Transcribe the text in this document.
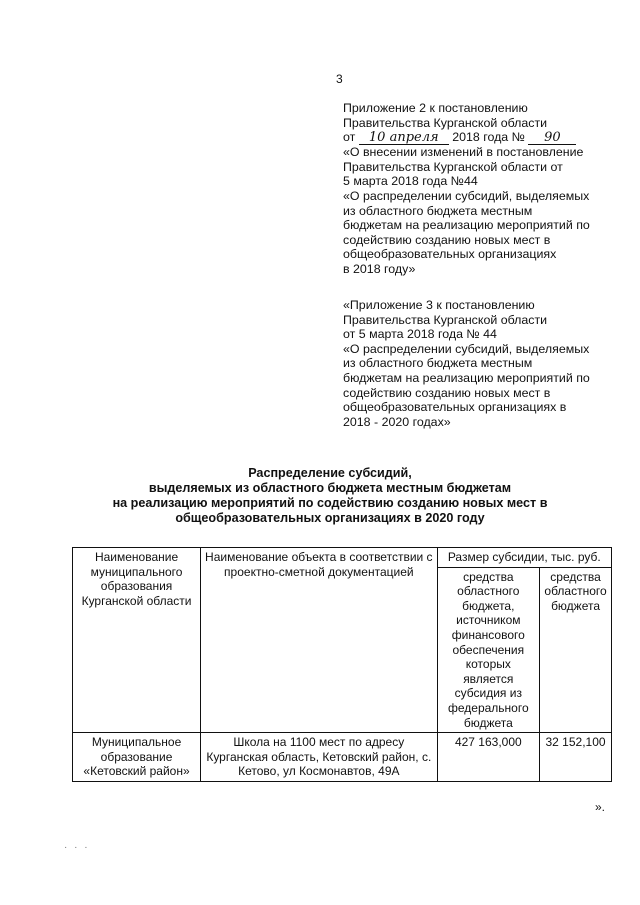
3
Приложение 2 к постановлению
Правительства Курганской области
от 10 апреля 2018 года № 90
«О внесении изменений в постановление
Правительства Курганской области от
5 марта 2018 года №44
«О распределении субсидий, выделяемых
из областного бюджета местным
бюджетам на реализацию мероприятий по
содействию созданию новых мест в
общеобразовательных организациях
в 2018 году»
«Приложение 3 к постановлению
Правительства Курганской области
от 5 марта 2018 года № 44
«О распределении субсидий, выделяемых
из областного бюджета местным
бюджетам на реализацию мероприятий по
содействию созданию новых мест в
общеобразовательных организациях в
2018 - 2020 годах»
Распределение субсидий,
выделяемых из областного бюджета местным бюджетам
на реализацию мероприятий по содействию созданию новых мест в
общеобразовательных организациях в 2020 году
Наименование муниципального образования Курганской области	Наименование объекта в соответствии с проектно-сметной документацией	Размер субсидии, тыс. руб.	
		средства областного бюджета, источником финансового обеспечения которых является субсидия из федерального бюджета	средства областного бюджета
Муниципальное образование «Кетовский район»	Школа на 1100 мест по адресу Курганская область, Кетовский район, с. Кетово, ул Космонавтов, 49А	427 163,000	32 152,100
».
· · ·
